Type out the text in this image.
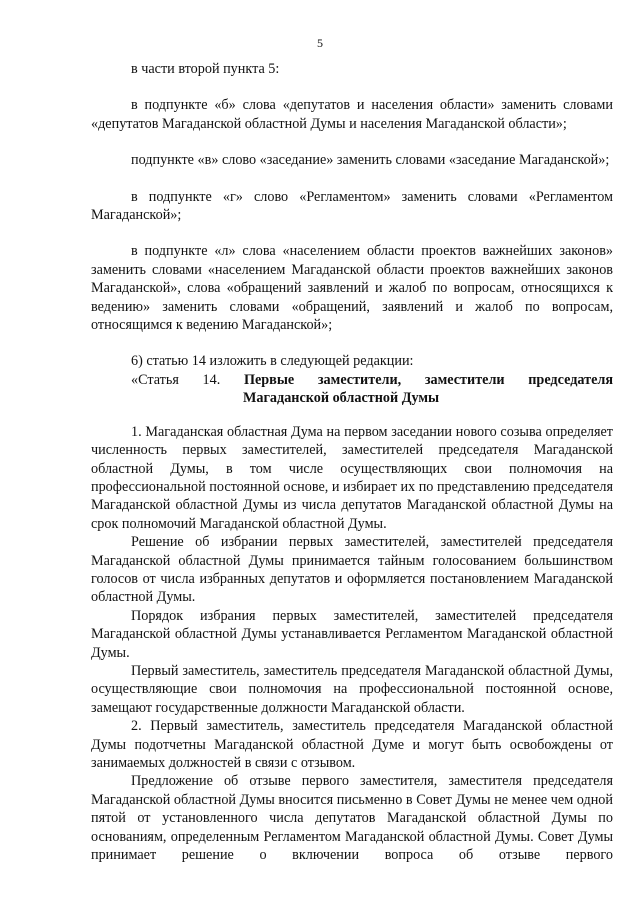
5

в части второй пункта 5:

в подпункте «б» слова «депутатов и населения области» заменить словами «депутатов Магаданской областной Думы и населения Магаданской области»;

подпункте «в» слово «заседание» заменить словами «заседание Магаданской»;

в подпункте «г» слово «Регламентом» заменить словами «Регламентом Магаданской»;

в подпункте «л» слова «населением области проектов важнейших законов» заменить словами «населением Магаданской области проектов важнейших законов Магаданской», слова «обращений заявлений и жалоб по вопросам, относящихся к ведению» заменить словами «обращений, заявлений и жалоб по вопросам, относящимся к ведению Магаданской»;

6) статью 14 изложить в следующей редакции:

«Статья 14. Первые заместители, заместители председателя

Магаданской областной Думы

1. Магаданская областная Дума на первом заседании нового созыва определяет численность первых заместителей, заместителей председателя Магаданской областной Думы, в том числе осуществляющих свои полномочия на профессиональной постоянной основе, и избирает их по представлению председателя Магаданской областной Думы из числа депутатов Магаданской областной Думы на срок полномочий Магаданской областной Думы.

Решение об избрании первых заместителей, заместителей председателя Магаданской областной Думы принимается тайным голосованием большинством голосов от числа избранных депутатов и оформляется постановлением Магаданской областной Думы.

Порядок избрания первых заместителей, заместителей председателя Магаданской областной Думы устанавливается Регламентом Магаданской областной Думы.

Первый заместитель, заместитель председателя Магаданской областной Думы, осуществляющие свои полномочия на профессиональной постоянной основе, замещают государственные должности Магаданской области.

2. Первый заместитель, заместитель председателя Магаданской областной Думы подотчетны Магаданской областной Думе и могут быть освобождены от занимаемых должностей в связи с отзывом.

Предложение об отзыве первого заместителя, заместителя председателя Магаданской областной Думы вносится письменно в Совет Думы не менее чем одной пятой от установленного числа депутатов Магаданской областной Думы по основаниям, определенным Регламентом Магаданской областной Думы. Совет Думы принимает решение о включении вопроса об отзыве первого
